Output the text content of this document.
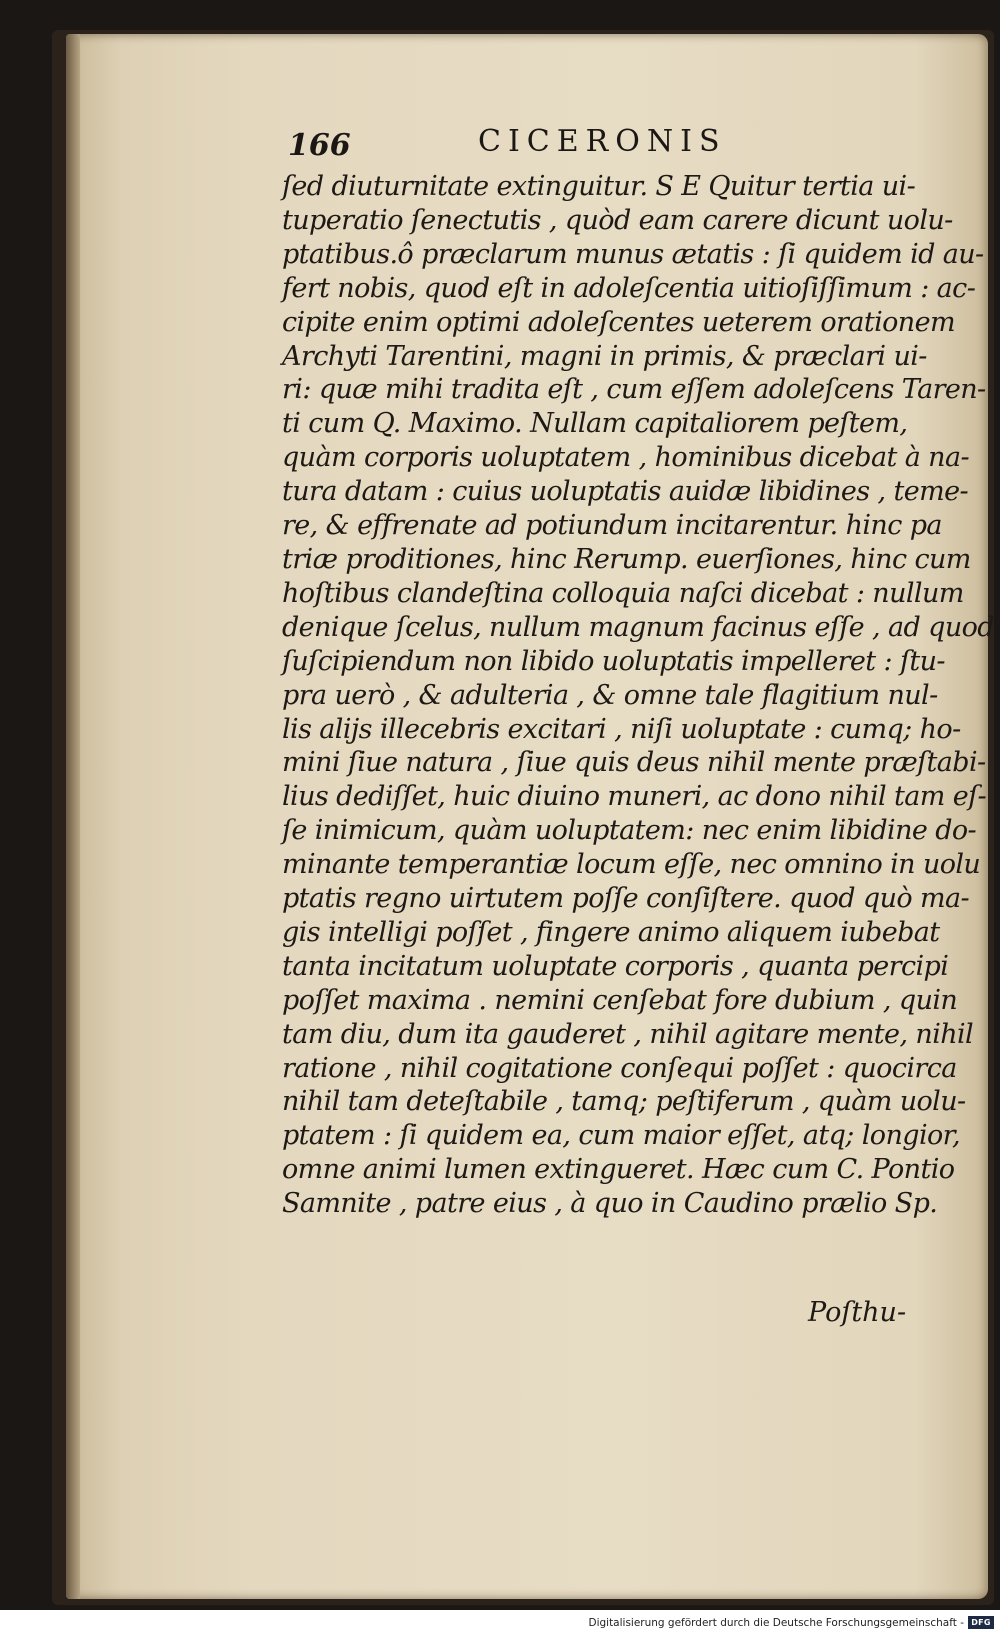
166	CICERONIS
ſed diuturnitate extinguitur. S E Quitur tertia ui-
tuperatio ſenectutis , quòd eam carere dicunt uolu-
ptatibus.ô præclarum munus ætatis : ſi quidem id au-
fert nobis, quod eſt in adoleſcentia uitioſiſſimum : ac-
cipite enim optimi adoleſcentes ueterem orationem
Archyti Tarentini, magni in primis, & præclari ui-
ri: quæ mihi tradita eſt , cum eſſem adoleſcens Taren-
ti cum Q. Maximo. Nullam capitaliorem peſtem,
quàm corporis uoluptatem , hominibus dicebat à na-
tura datam : cuius uoluptatis auidæ libidines , teme-
re, & effrenate ad potiundum incitarentur. hinc pa
triæ proditiones, hinc Rerump. euerſiones, hinc cum
hoſtibus clandeſtina colloquia naſci dicebat : nullum
denique ſcelus, nullum magnum facinus eſſe , ad quod
ſuſcipiendum non libido uoluptatis impelleret : ſtu-
pra uerò , & adulteria , & omne tale flagitium nul-
lis alijs illecebris excitari , niſi uoluptate : cumq; ho-
mini ſiue natura , ſiue quis deus nihil mente præſtabi-
lius dediſſet, huic diuino muneri, ac dono nihil tam eſ-
ſe inimicum, quàm uoluptatem: nec enim libidine do-
minante temperantiæ locum eſſe, nec omnino in uolu
ptatis regno uirtutem poſſe conſiſtere. quod quò ma-
gis intelligi poſſet , fingere animo aliquem iubebat
tanta incitatum uoluptate corporis , quanta percipi
poſſet maxima . nemini cenſebat fore dubium , quin
tam diu, dum ita gauderet , nihil agitare mente, nihil
ratione , nihil cogitatione conſequi poſſet : quocirca
nihil tam deteſtabile , tamq; peſtiferum , quàm uolu-
ptatem : ſi quidem ea, cum maior eſſet, atq; longior,
omne animi lumen extingueret. Hæc cum C. Pontio
Samnite , patre eius , à quo in Caudino prælio Sp.
Poſthu-
Digitalisierung gefördert durch die Deutsche Forschungsgemeinschaft - DFG
